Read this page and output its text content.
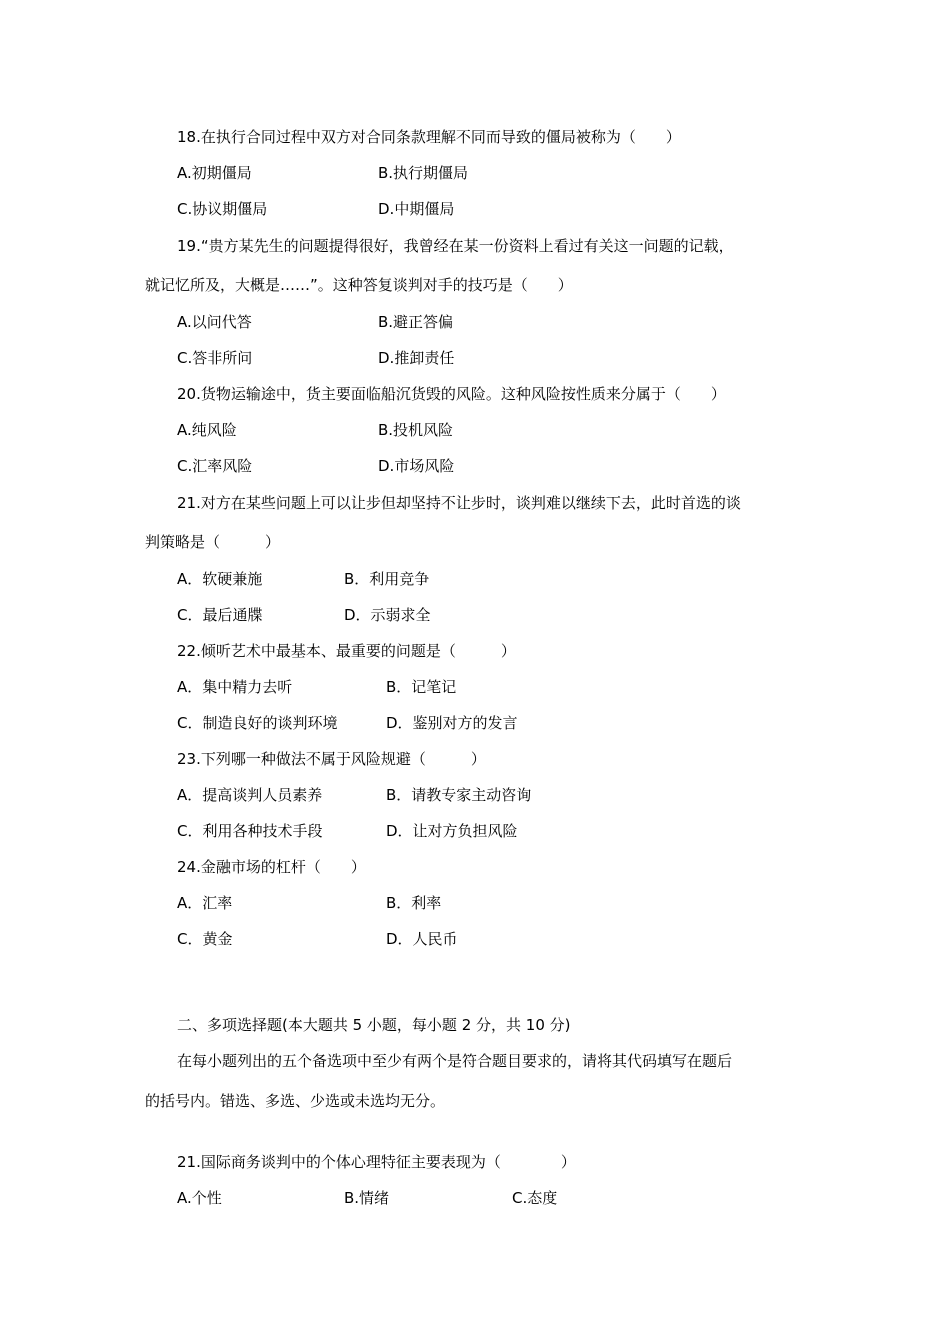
18.在执行合同过程中双方对合同条款理解不同而导致的僵局被称为（　　）
A.初期僵局	B.执行期僵局
C.协议期僵局	D.中期僵局
19.“贵方某先生的问题提得很好，我曾经在某一份资料上看过有关这一问题的记载，
就记忆所及，大概是……”。这种答复谈判对手的技巧是（　　）
A.以问代答	B.避正答偏
C.答非所问	D.推卸责任
20.货物运输途中，货主要面临船沉货毁的风险。这种风险按性质来分属于（　　）
A.纯风险	B.投机风险
C.汇率风险	D.市场风险
21.对方在某些问题上可以让步但却坚持不让步时，谈判难以继续下去，此时首选的谈
判策略是（　　　）
A．软硬兼施	B．利用竞争
C．最后通牒	D．示弱求全
22.倾听艺术中最基本、最重要的问题是（　　　）
A．集中精力去听	B．记笔记
C．制造良好的谈判环境	D．鉴别对方的发言
23.下列哪一种做法不属于风险规避（　　　）
A．提高谈判人员素养	B．请教专家主动咨询
C．利用各种技术手段	D．让对方负担风险
24.金融市场的杠杆（　　）
A．汇率	B．利率
C．黄金	D．人民币
二、多项选择题(本大题共 5 小题，每小题 2 分，共 10 分)
在每小题列出的五个备选项中至少有两个是符合题目要求的，请将其代码填写在题后
的括号内。错选、多选、少选或未选均无分。
21.国际商务谈判中的个体心理特征主要表现为（　　　　）
A.个性	B.情绪	C.态度
